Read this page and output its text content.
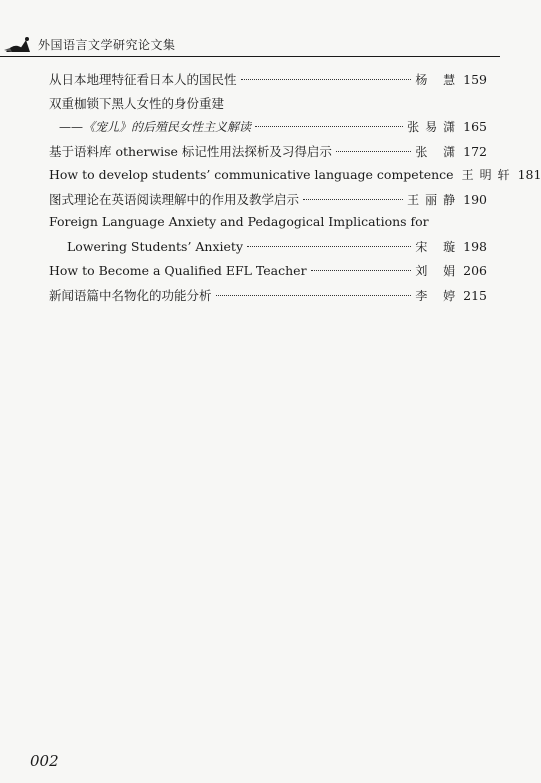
外国语言文学研究论文集
从日本地理特征看日本人的国民性	杨 慧 159
双重枷锁下黑人女性的身份重建
——《宠儿》的后殖民女性主义解读	张易潇 165
基于语料库 otherwise 标记性用法探析及习得启示	张 潇 172
How to develop students’ communicative language competence 王明轩 181
图式理论在英语阅读理解中的作用及教学启示	王丽静 190
Foreign Language Anxiety and Pedagogical Implications for
Lowering Students’ Anxiety	宋 璇 198
How to Become a Qualified EFL Teacher	刘 娟 206
新闻语篇中名物化的功能分析	李 婷 215
002
